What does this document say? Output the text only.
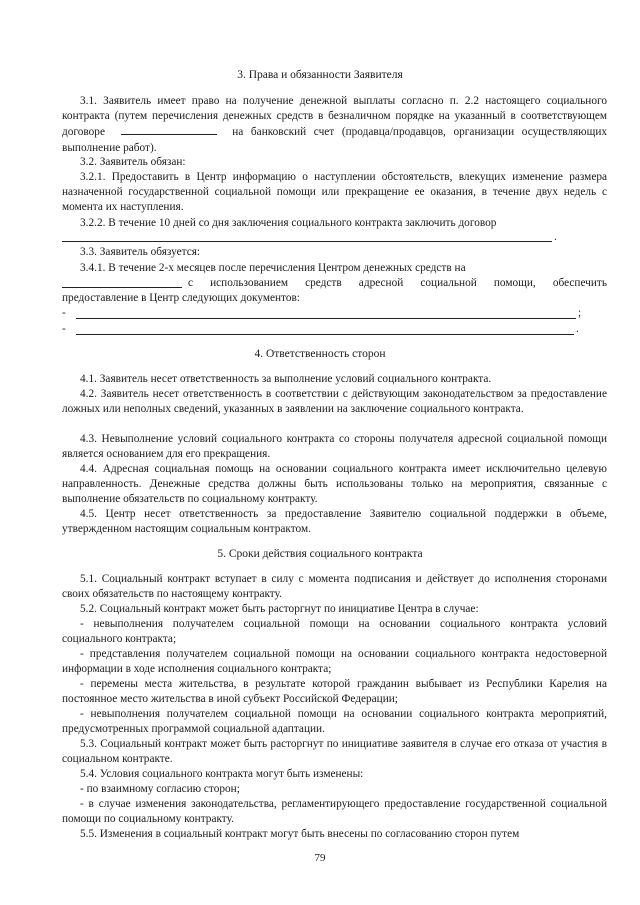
3. Права и обязанности Заявителя
3.1. Заявитель имеет право на получение денежной выплаты согласно п. 2.2 настоящего социального контракта (путем перечисления денежных средств в безналичном порядке на указанный в соответствующем договоре	на банковский счет (продавца/продавцов, организации осуществляющих выполнение работ).
3.2. Заявитель обязан:
3.2.1. Предоставить в Центр информацию о наступлении обстоятельств, влекущих изменение размера назначенной государственной социальной помощи или прекращение ее оказания, в течение двух недель с момента их наступления.
3.2.2. В течение 10 дней со дня заключения социального контракта заключить договор
.
3.3. Заявитель обязуется:
3.4.1. В течение 2-х месяцев после перечисления Центром денежных средств на
с использованием средств адресной социальной помощи, обеспечить
предоставление в Центр следующих документов:
-	;
-	.
4. Ответственность сторон
4.1. Заявитель несет ответственность за выполнение условий социального контракта.
4.2. Заявитель несет ответственность в соответствии с действующим законодательством за предоставление ложных или неполных сведений, указанных в заявлении на заключение социального контракта.
4.3. Невыполнение условий социального контракта со стороны получателя адресной социальной помощи является основанием для его прекращения.
4.4. Адресная социальная помощь на основании социального контракта имеет исключительно целевую направленность. Денежные средства должны быть использованы только на мероприятия, связанные с выполнение обязательств по социальному контракту.
4.5. Центр несет ответственность за предоставление Заявителю социальной поддержки в объеме, утвержденном настоящим социальным контрактом.
5. Сроки действия социального контракта
5.1. Социальный контракт вступает в силу с момента подписания и действует до исполнения сторонами своих обязательств по настоящему контракту.
5.2. Социальный контракт может быть расторгнут по инициативе Центра в случае:
- невыполнения получателем социальной помощи на основании социального контракта условий социального контракта;
- представления получателем социальной помощи на основании социального контракта недостоверной информации в ходе исполнения социального контракта;
- перемены места жительства, в результате которой гражданин выбывает из Республики Карелия на постоянное место жительства в иной субъект Российской Федерации;
- невыполнения получателем социальной помощи на основании социального контракта мероприятий, предусмотренных программой социальной адаптации.
5.3. Социальный контракт может быть расторгнут по инициативе заявителя в случае его отказа от участия в социальном контракте.
5.4. Условия социального контракта могут быть изменены:
- по взаимному согласию сторон;
- в случае изменения законодательства, регламентирующего предоставление государственной социальной помощи по социальному контракту.
5.5. Изменения в социальный контракт могут быть внесены по согласованию сторон путем
79
